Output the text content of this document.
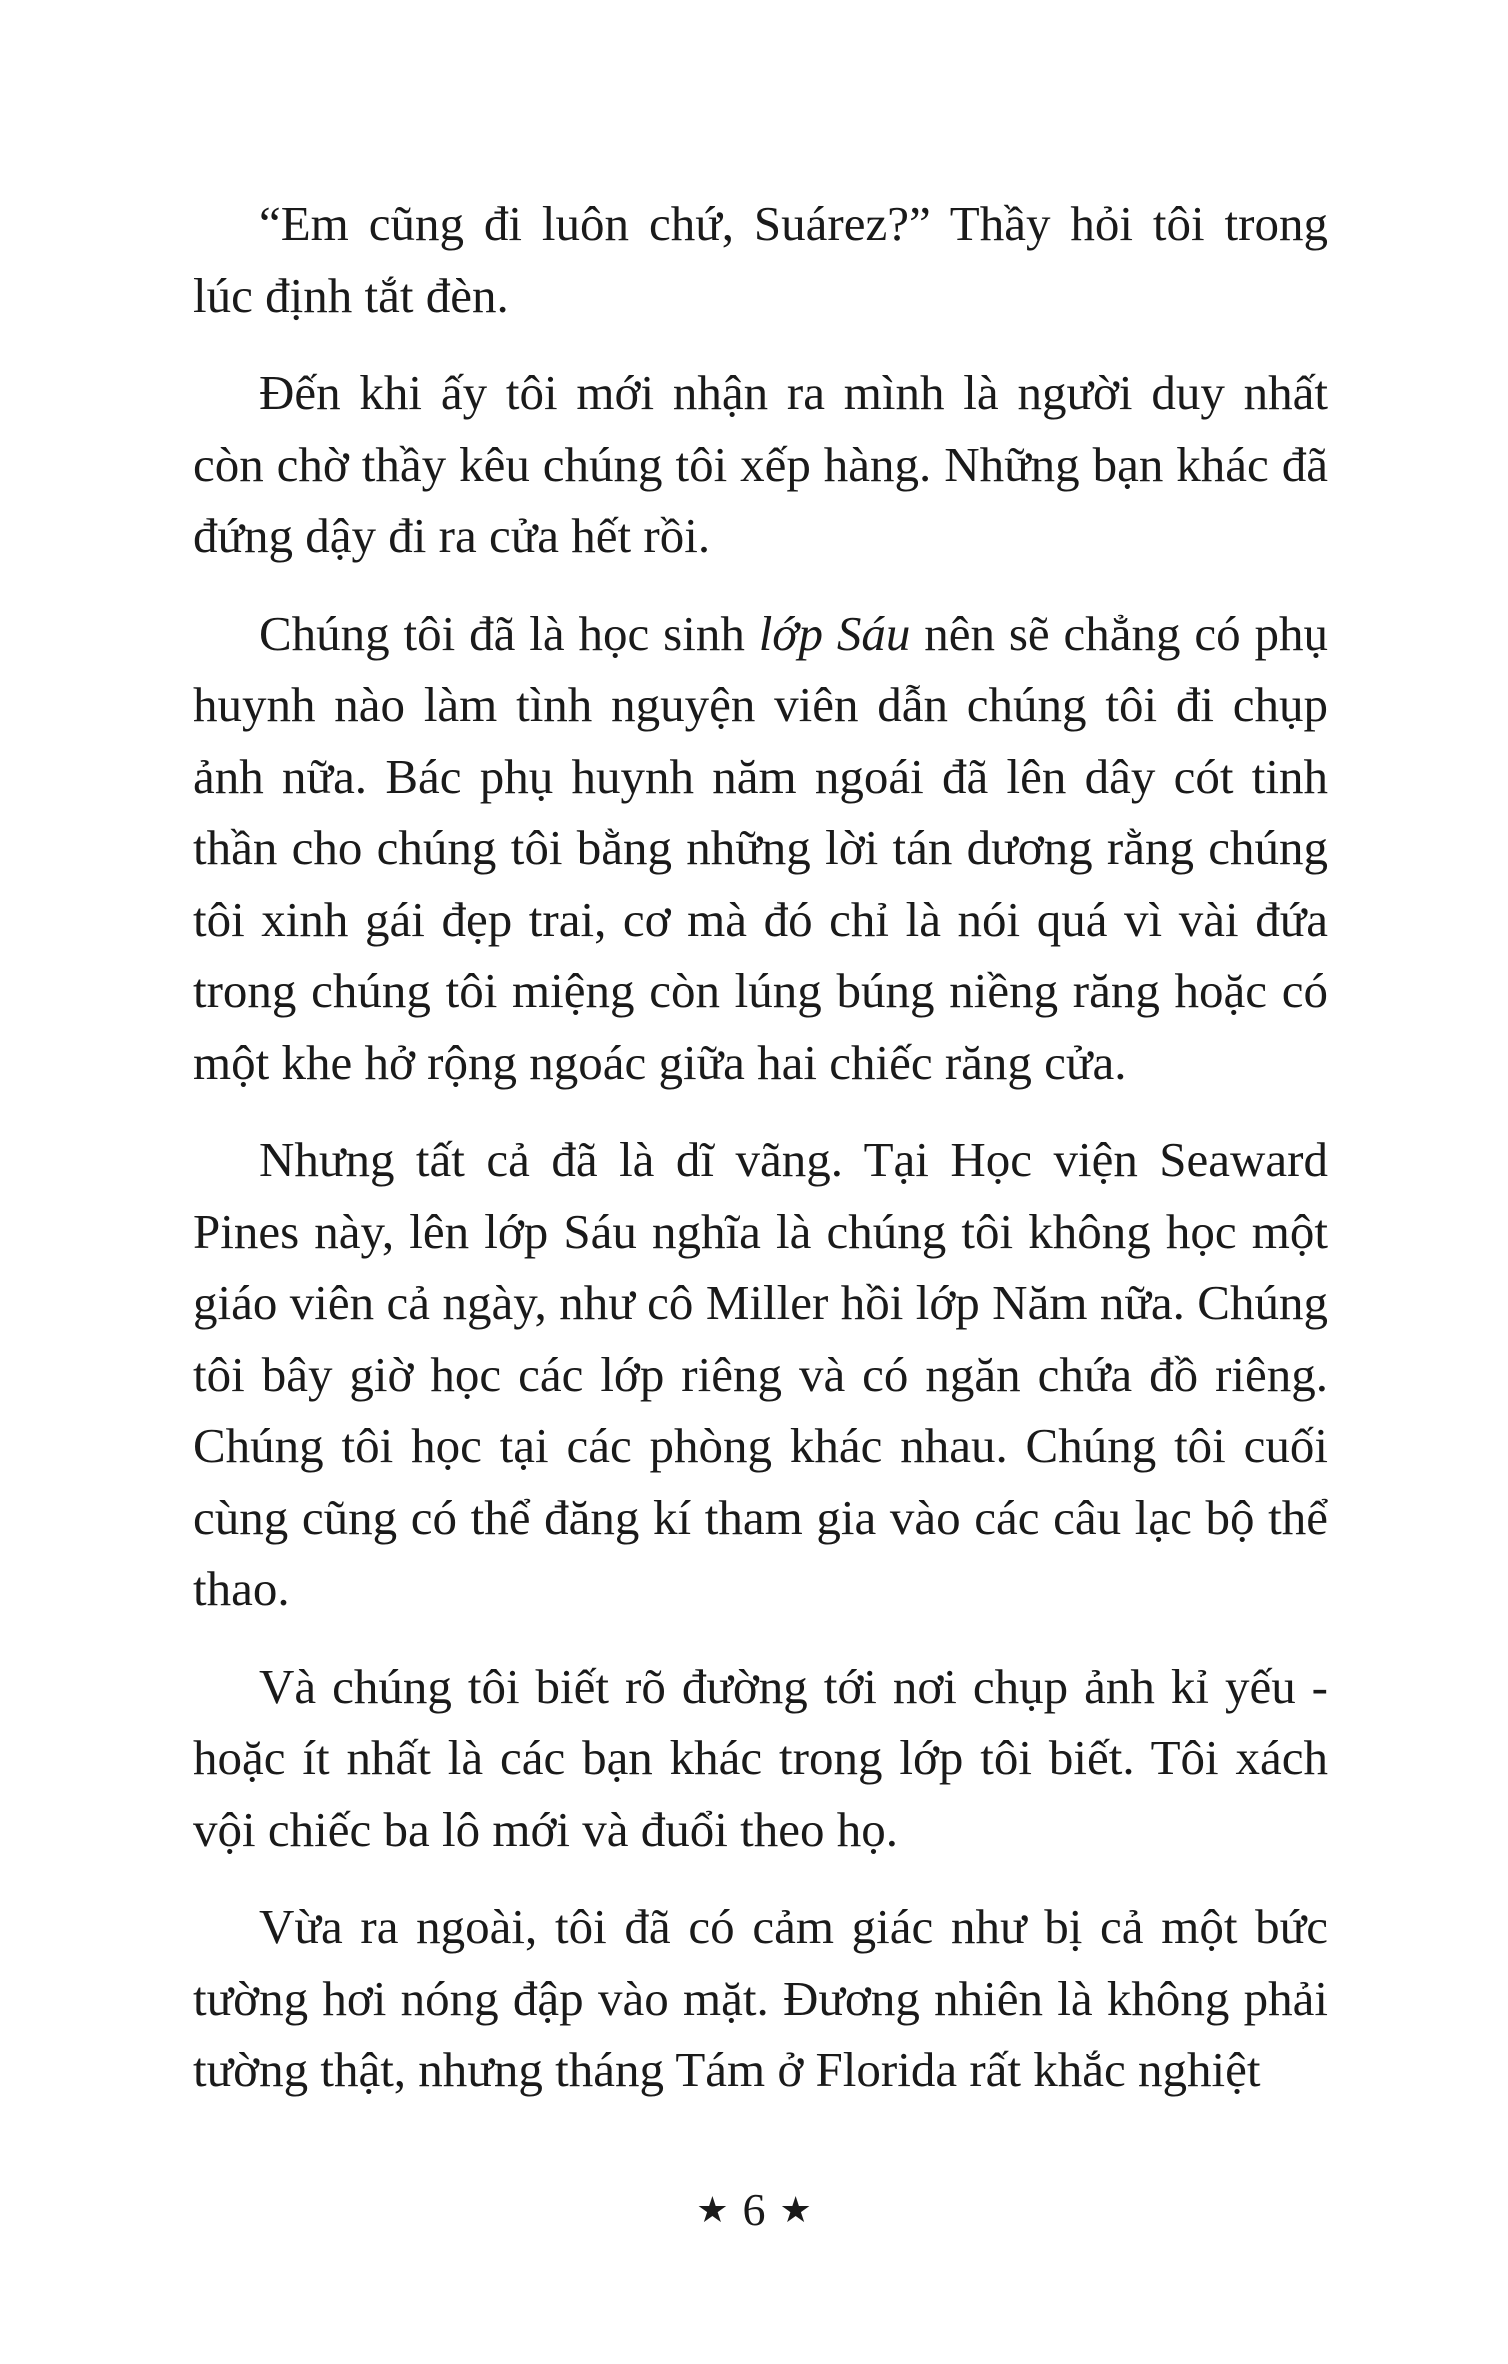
“Em cũng đi luôn chứ, Suárez?” Thầy hỏi tôi trong lúc định tắt đèn.

Đến khi ấy tôi mới nhận ra mình là người duy nhất còn chờ thầy kêu chúng tôi xếp hàng. Những bạn khác đã đứng dậy đi ra cửa hết rồi.

Chúng tôi đã là học sinh lớp Sáu nên sẽ chẳng có phụ huynh nào làm tình nguyện viên dẫn chúng tôi đi chụp ảnh nữa. Bác phụ huynh năm ngoái đã lên dây cót tinh thần cho chúng tôi bằng những lời tán dương rằng chúng tôi xinh gái đẹp trai, cơ mà đó chỉ là nói quá vì vài đứa trong chúng tôi miệng còn lúng búng niềng răng hoặc có một khe hở rộng ngoác giữa hai chiếc răng cửa.

Nhưng tất cả đã là dĩ vãng. Tại Học viện Seaward Pines này, lên lớp Sáu nghĩa là chúng tôi không học một giáo viên cả ngày, như cô Miller hồi lớp Năm nữa. Chúng tôi bây giờ học các lớp riêng và có ngăn chứa đồ riêng. Chúng tôi học tại các phòng khác nhau. Chúng tôi cuối cùng cũng có thể đăng kí tham gia vào các câu lạc bộ thể thao.

Và chúng tôi biết rõ đường tới nơi chụp ảnh kỉ yếu - hoặc ít nhất là các bạn khác trong lớp tôi biết. Tôi xách vội chiếc ba lô mới và đuổi theo họ.

Vừa ra ngoài, tôi đã có cảm giác như bị cả một bức tường hơi nóng đập vào mặt. Đương nhiên là không phải tường thật, nhưng tháng Tám ở Florida rất khắc nghiệt

★ 6 ★
